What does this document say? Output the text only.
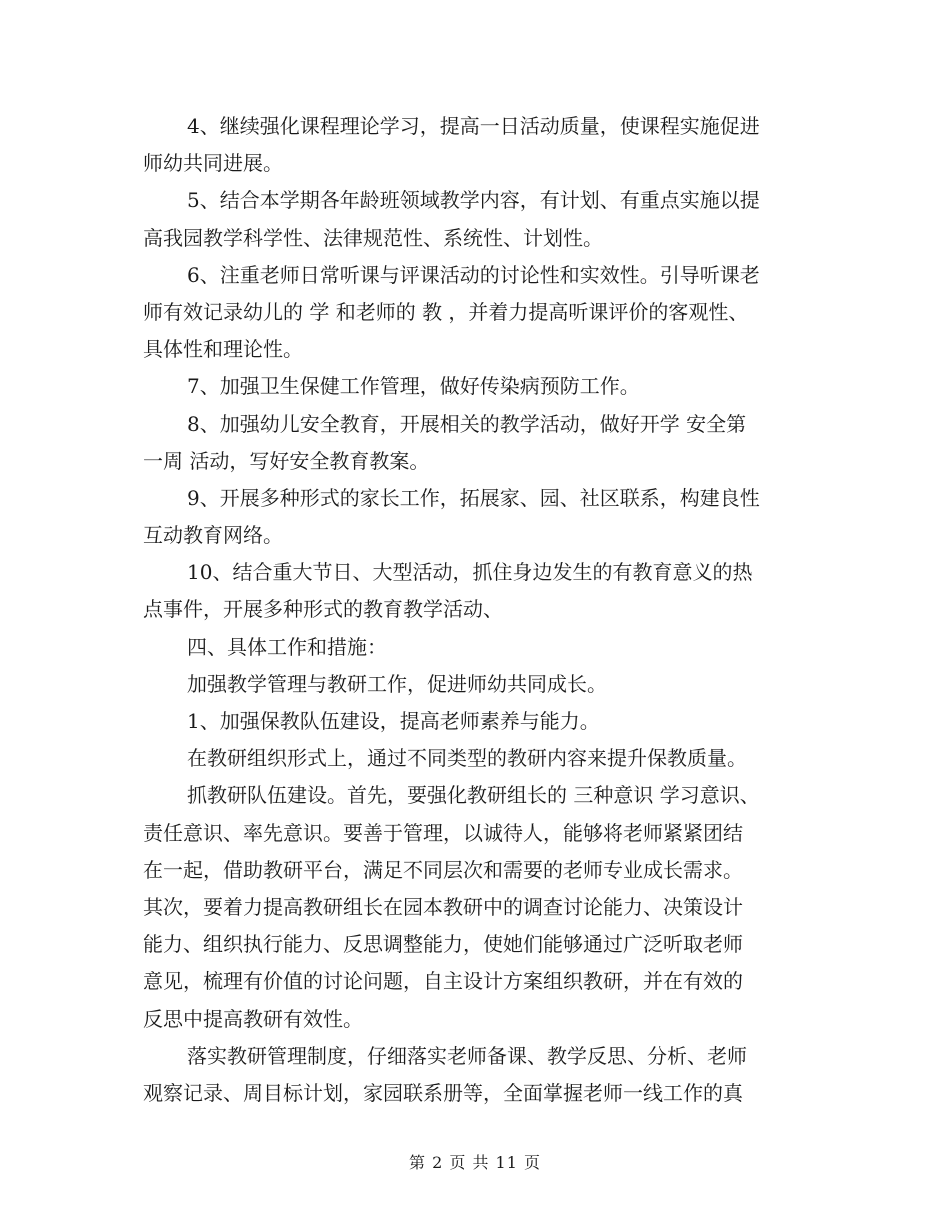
4、继续强化课程理论学习，提高一日活动质量，使课程实施促进
师幼共同进展。
5、结合本学期各年龄班领域教学内容，有计划、有重点实施以提
高我园教学科学性、法律规范性、系统性、计划性。
6、注重老师日常听课与评课活动的讨论性和实效性。引导听课老
师有效记录幼儿的 学 和老师的 教 ，并着力提高听课评价的客观性、
具体性和理论性。
7、加强卫生保健工作管理，做好传染病预防工作。
8、加强幼儿安全教育，开展相关的教学活动，做好开学 安全第
一周 活动，写好安全教育教案。
9、开展多种形式的家长工作，拓展家、园、社区联系，构建良性
互动教育网络。
10、结合重大节日、大型活动，抓住身边发生的有教育意义的热
点事件，开展多种形式的教育教学活动、
四、具体工作和措施：
加强教学管理与教研工作，促进师幼共同成长。
1、加强保教队伍建设，提高老师素养与能力。
在教研组织形式上，通过不同类型的教研内容来提升保教质量。
抓教研队伍建设。首先，要强化教研组长的 三种意识 学习意识、
责任意识、率先意识。要善于管理，以诚待人，能够将老师紧紧团结
在一起，借助教研平台，满足不同层次和需要的老师专业成长需求。
其次，要着力提高教研组长在园本教研中的调查讨论能力、决策设计
能力、组织执行能力、反思调整能力，使她们能够通过广泛听取老师
意见，梳理有价值的讨论问题，自主设计方案组织教研，并在有效的
反思中提高教研有效性。
落实教研管理制度，仔细落实老师备课、教学反思、分析、老师
观察记录、周目标计划，家园联系册等，全面掌握老师一线工作的真
第 2 页 共 11 页
